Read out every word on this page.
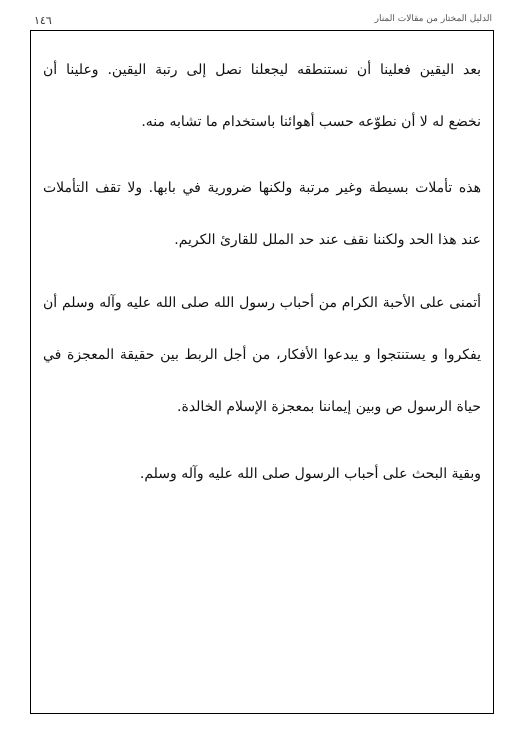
١٤٦	الدليل المختار من مقالات المنار
بعد اليقين فعلينا أن نستنطقه ليجعلنا نصل إلى رتبة اليقين. وعلينا أن
نخضع له لا أن نطوّعه حسب أهوائنا باستخدام ما تشابه منه.
هذه تأملات بسيطة وغير مرتبة ولكنها ضرورية في بابها. ولا تقف التأملات
عند هذا الحد ولكننا نقف عند حد الملل للقارئ الكريم.
أتمنى على الأحبة الكرام من أحباب رسول الله صلى الله عليه وآله وسلم أن
يفكروا و يستنتجوا و يبدعوا الأفكار، من أجل الربط بين حقيقة المعجزة في
حياة الرسول ص وبين إيماننا بمعجزة الإسلام الخالدة.
وبقية البحث على أحباب الرسول صلى الله عليه وآله وسلم.
